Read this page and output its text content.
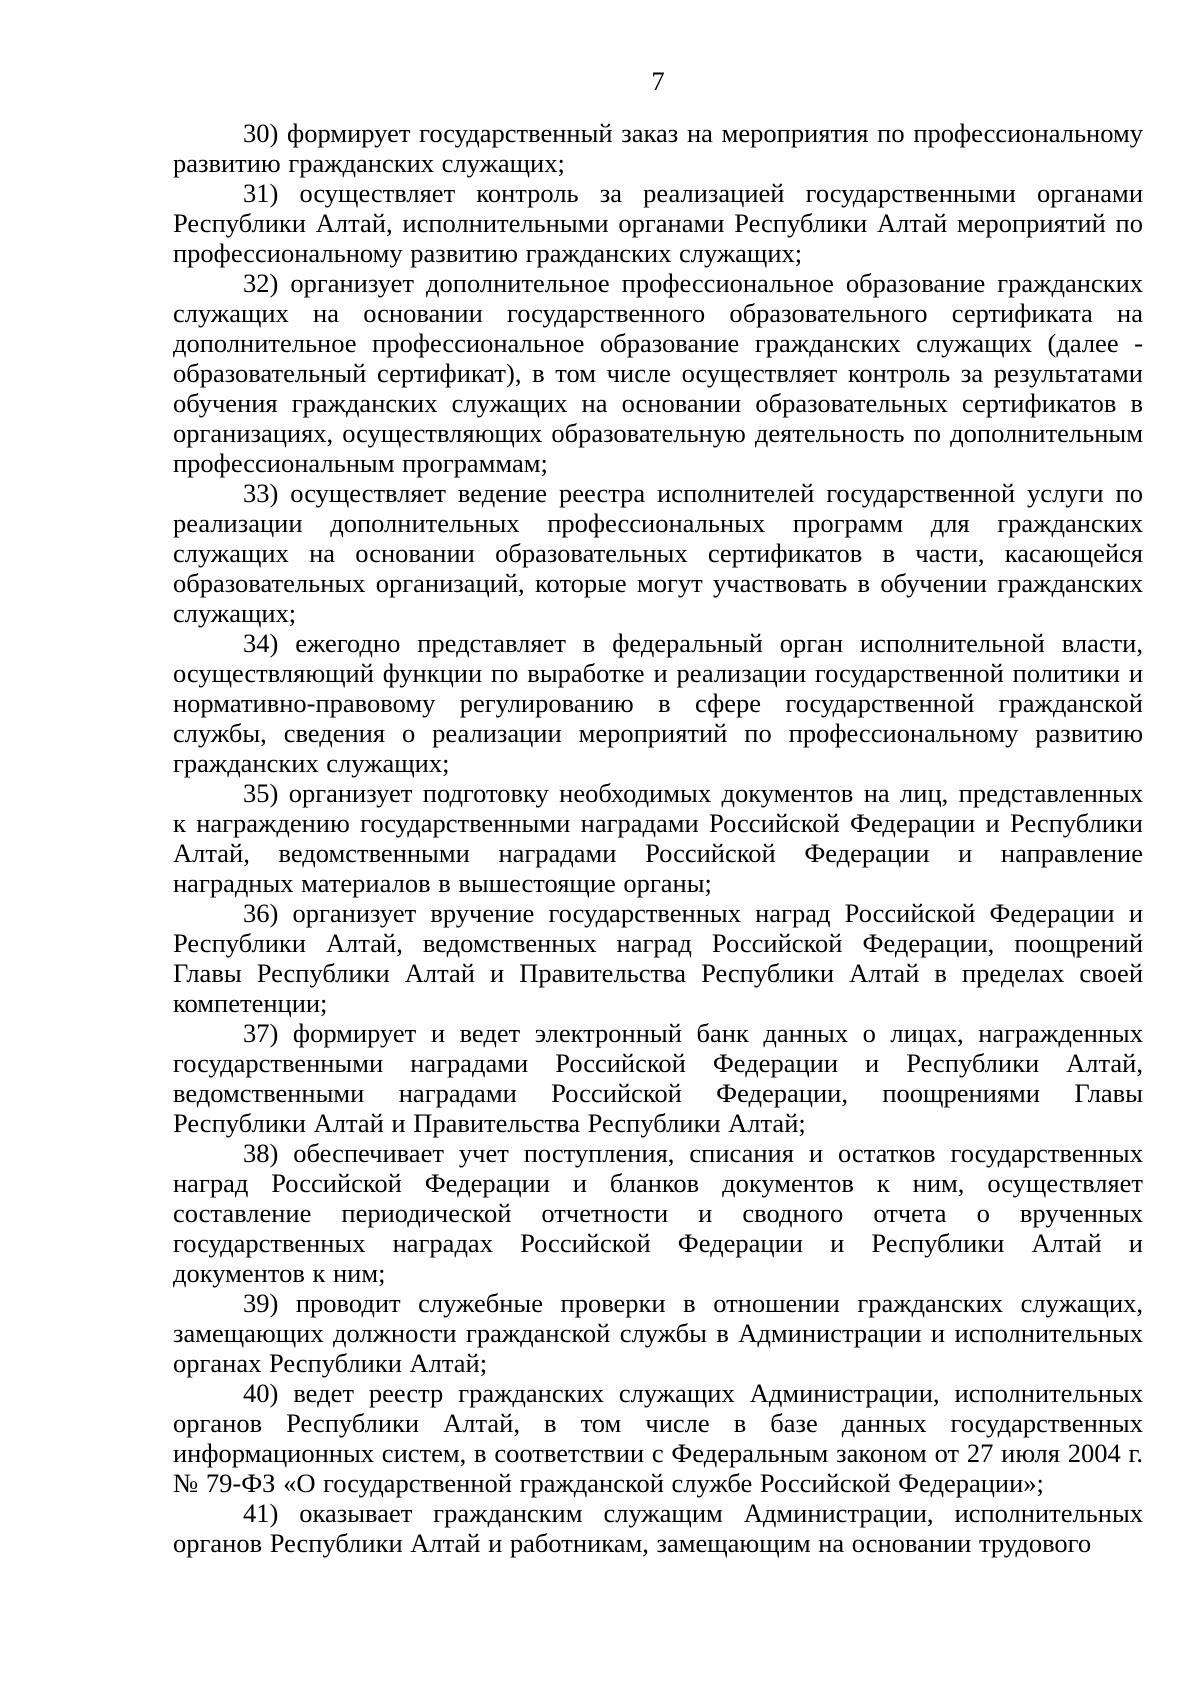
7

30) формирует государственный заказ на мероприятия по профессиональному развитию гражданских служащих;

31) осуществляет контроль за реализацией государственными органами Республики Алтай, исполнительными органами Республики Алтай мероприятий по профессиональному развитию гражданских служащих;

32) организует дополнительное профессиональное образование гражданских служащих на основании государственного образовательного сертификата на дополнительное профессиональное образование гражданских служащих (далее - образовательный сертификат), в том числе осуществляет контроль за результатами обучения гражданских служащих на основании образовательных сертификатов в организациях, осуществляющих образовательную деятельность по дополнительным профессиональным программам;

33) осуществляет ведение реестра исполнителей государственной услуги по реализации дополнительных профессиональных программ для гражданских служащих на основании образовательных сертификатов в части, касающейся образовательных организаций, которые могут участвовать в обучении гражданских служащих;

34) ежегодно представляет в федеральный орган исполнительной власти, осуществляющий функции по выработке и реализации государственной политики и нормативно-правовому регулированию в сфере государственной гражданской службы, сведения о реализации мероприятий по профессиональному развитию гражданских служащих;

35) организует подготовку необходимых документов на лиц, представленных к награждению государственными наградами Российской Федерации и Республики Алтай, ведомственными наградами Российской Федерации и направление наградных материалов в вышестоящие органы;

36) организует вручение государственных наград Российской Федерации и Республики Алтай, ведомственных наград Российской Федерации, поощрений Главы Республики Алтай и Правительства Республики Алтай в пределах своей компетенции;

37) формирует и ведет электронный банк данных о лицах, награжденных государственными наградами Российской Федерации и Республики Алтай, ведомственными наградами Российской Федерации, поощрениями Главы Республики Алтай и Правительства Республики Алтай;

38) обеспечивает учет поступления, списания и остатков государственных наград Российской Федерации и бланков документов к ним, осуществляет составление периодической отчетности и сводного отчета о врученных государственных наградах Российской Федерации и Республики Алтай и документов к ним;

39) проводит служебные проверки в отношении гражданских служащих, замещающих должности гражданской службы в Администрации и исполнительных органах Республики Алтай;

40) ведет реестр гражданских служащих Администрации, исполнительных органов Республики Алтай, в том числе в базе данных государственных информационных систем, в соответствии с Федеральным законом от 27 июля 2004 г. № 79-ФЗ «О государственной гражданской службе Российской Федерации»;

41) оказывает гражданским служащим Администрации, исполнительных органов Республики Алтай и работникам, замещающим на основании трудового
